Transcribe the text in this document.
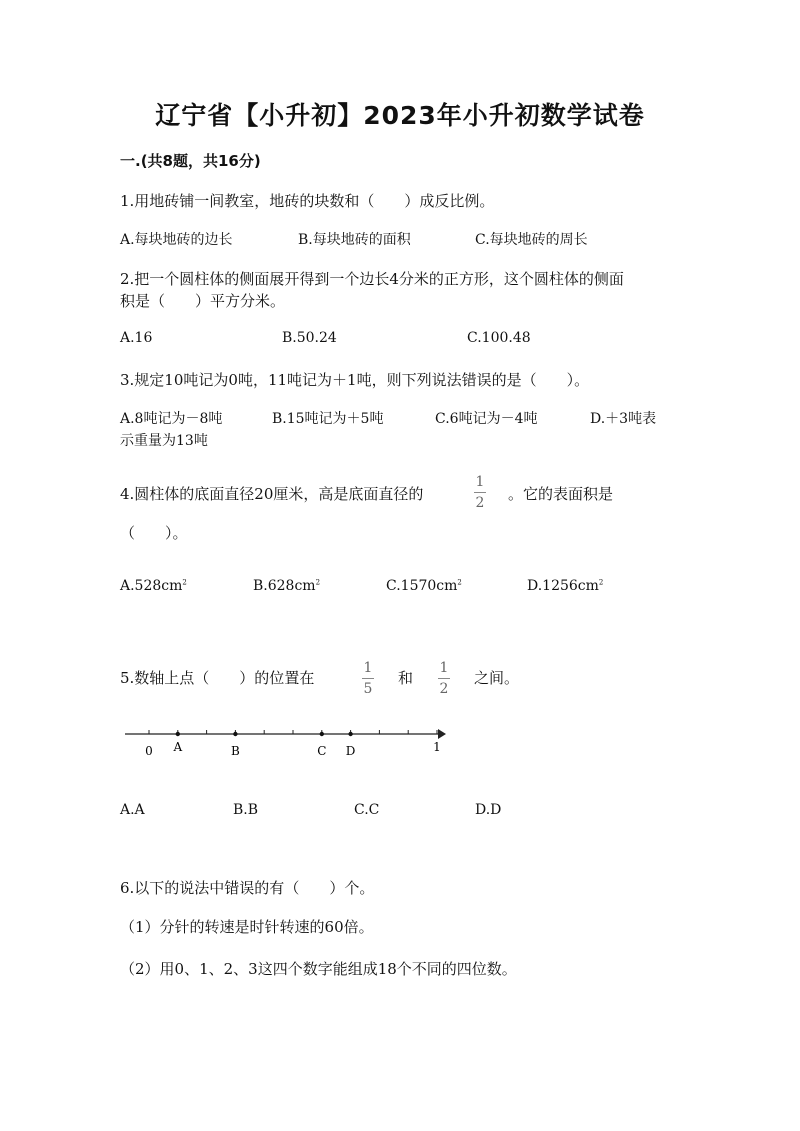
辽宁省【小升初】2023年小升初数学试卷
一.(共8题，共16分)
1.用地砖铺一间教室，地砖的块数和（　　）成反比例。
A.每块地砖的边长	B.每块地砖的面积	C.每块地砖的周长
2.把一个圆柱体的侧面展开得到一个边长4分米的正方形，这个圆柱体的侧面
积是（　　）平方分米。
A.16	B.50.24	C.100.48
3.规定10吨记为0吨，11吨记为＋1吨，则下列说法错误的是（　　）。
A.8吨记为－8吨	B.15吨记为＋5吨	C.6吨记为－4吨	D.＋3吨表
示重量为13吨
4.圆柱体的底面直径20厘米，高是底面直径的
1
2 。它的表面积是
（　　）。
$A.528cm^2$	$B.628cm^2$	$C.1570cm^2$	$D.1256cm^2$
5.数轴上点（　　）的位置在
1
5
和
1
2
之间。
A	B	C D
0	1
A.A	B.B	C.C	D.D
6.以下的说法中错误的有（　　）个。
（1）分针的转速是时针转速的60倍。
（2）用0、1、2、3这四个数字能组成18个不同的四位数。
